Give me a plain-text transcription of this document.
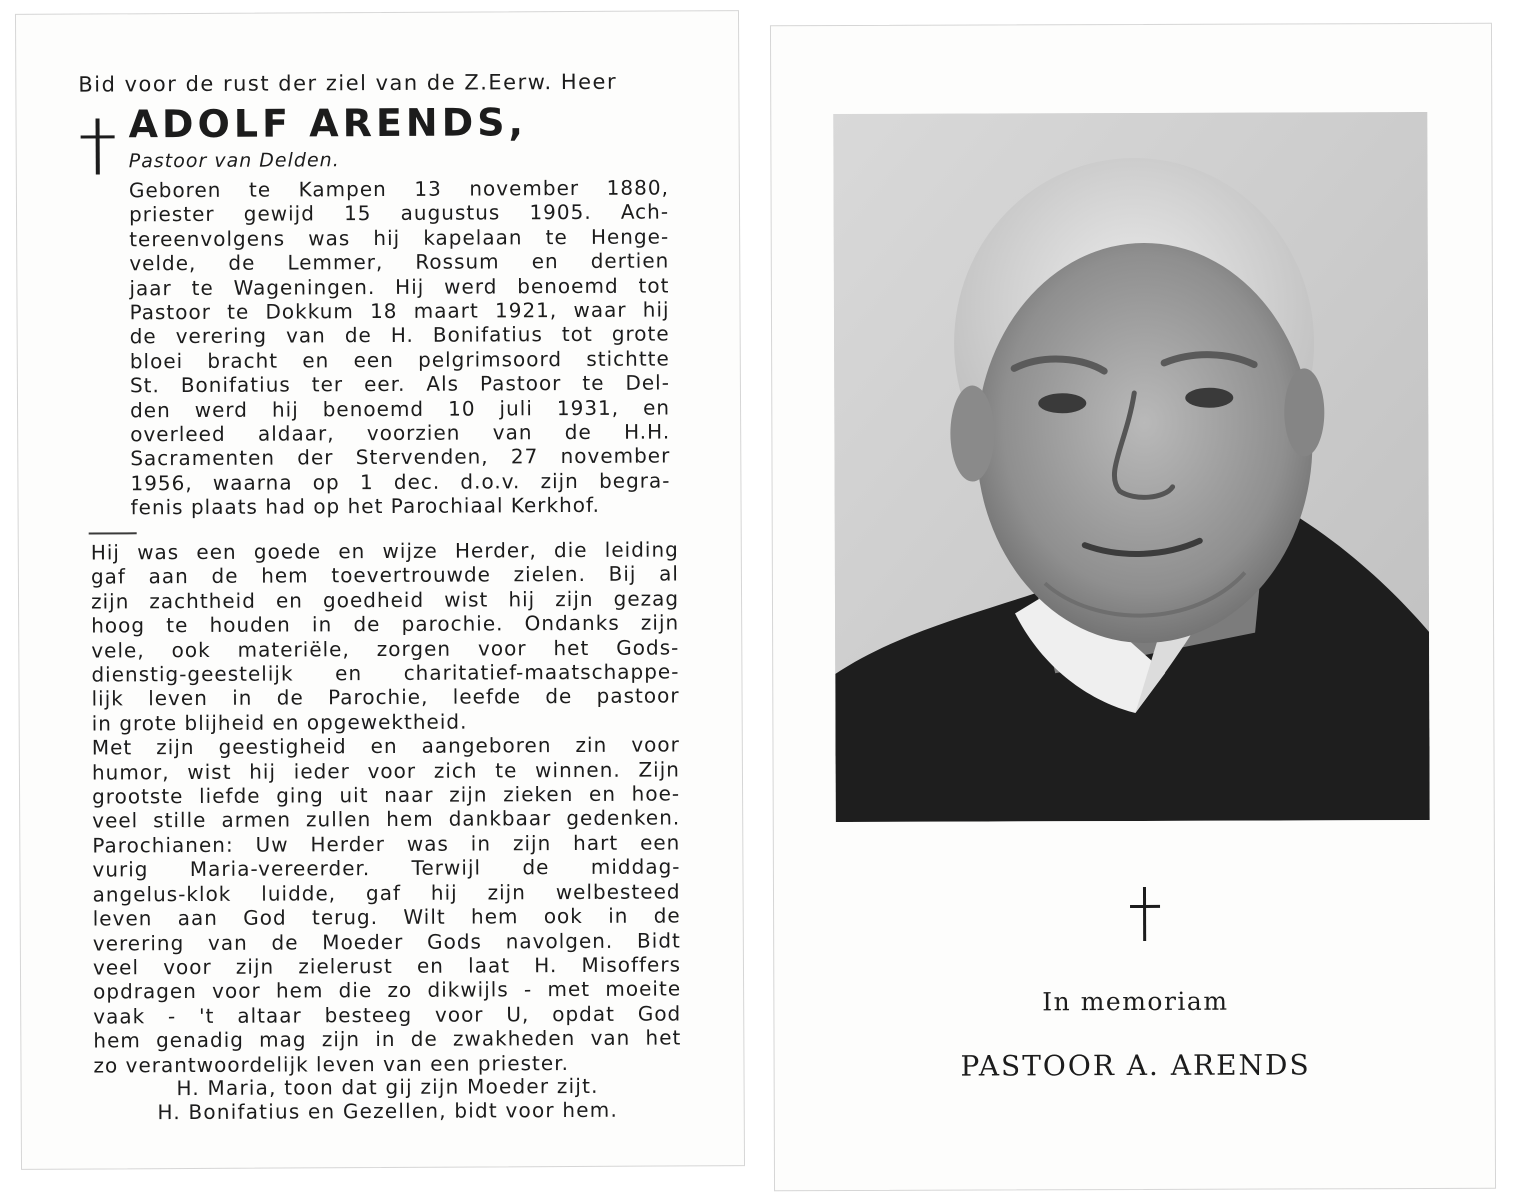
Bid voor de rust der ziel van de Z.Eerw. Heer
ADOLF ARENDS,
Pastoor van Delden.
Geboren te Kampen 13 november 1880,
priester gewijd 15 augustus 1905. Ach-
tereenvolgens was hij kapelaan te Henge-
velde, de Lemmer, Rossum en dertien
jaar te Wageningen. Hij werd benoemd tot
Pastoor te Dokkum 18 maart 1921, waar hij
de verering van de H. Bonifatius tot grote
bloei bracht en een pelgrimsoord stichtte
St. Bonifatius ter eer. Als Pastoor te Del-
den werd hij benoemd 10 juli 1931, en
overleed aldaar, voorzien van de H.H.
Sacramenten der Stervenden, 27 november
1956, waarna op 1 dec. d.o.v. zijn begra-
fenis plaats had op het Parochiaal Kerkhof.
Hij was een goede en wijze Herder, die leiding
gaf aan de hem toevertrouwde zielen. Bij al
zijn zachtheid en goedheid wist hij zijn gezag
hoog te houden in de parochie. Ondanks zijn
vele, ook materiële, zorgen voor het Gods-
dienstig-geestelijk en charitatief-maatschappe-
lijk leven in de Parochie, leefde de pastoor
in grote blijheid en opgewektheid.
Met zijn geestigheid en aangeboren zin voor
humor, wist hij ieder voor zich te winnen. Zijn
grootste liefde ging uit naar zijn zieken en hoe-
veel stille armen zullen hem dankbaar gedenken.
Parochianen: Uw Herder was in zijn hart een
vurig Maria-vereerder. Terwijl de middag-
angelus-klok luidde, gaf hij zijn welbesteed
leven aan God terug. Wilt hem ook in de
verering van de Moeder Gods navolgen. Bidt
veel voor zijn zielerust en laat H. Misoffers
opdragen voor hem die zo dikwijls - met moeite
vaak - 't altaar besteeg voor U, opdat God
hem genadig mag zijn in de zwakheden van het
zo verantwoordelijk leven van een priester.
H. Maria, toon dat gij zijn Moeder zijt.
H. Bonifatius en Gezellen, bidt voor hem.
In memoriam
PASTOOR A. ARENDS
